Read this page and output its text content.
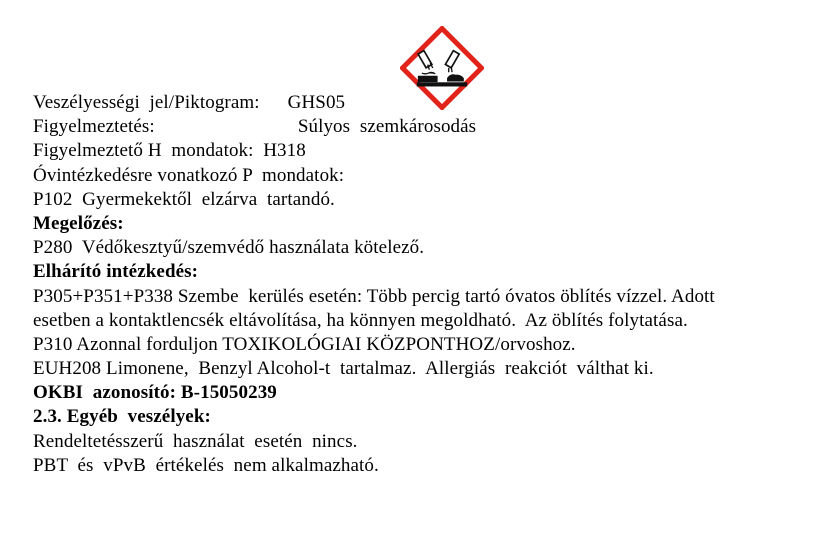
Veszélyességi  jel/Piktogram: GHS05
Figyelmeztetés:	Súlyos  szemkárosodás
Figyelmeztető H  mondatok:  H318
Óvintézkedésre vonatkozó P  mondatok:
P102  Gyermekektől  elzárva  tartandó.
Megelőzés:
P280  Védőkesztyű/szemvédő használata kötelező.
Elhárító intézkedés:
P305+P351+P338 Szembe  kerülés esetén: Több percig tartó óvatos öblítés vízzel. Adott
esetben a kontaktlencsék eltávolítása, ha könnyen megoldható.  Az öblítés folytatása.
P310 Azonnal forduljon TOXIKOLÓGIAI KÖZPONTHOZ/orvoshoz.
EUH208 Limonene,  Benzyl Alcohol-t  tartalmaz.  Allergiás  reakciót  válthat ki.
OKBI  azonosító: B-15050239
2.3. Egyéb  veszélyek:
Rendeltetésszerű  használat  esetén  nincs.
PBT  és  vPvB  értékelés  nem alkalmazható.
